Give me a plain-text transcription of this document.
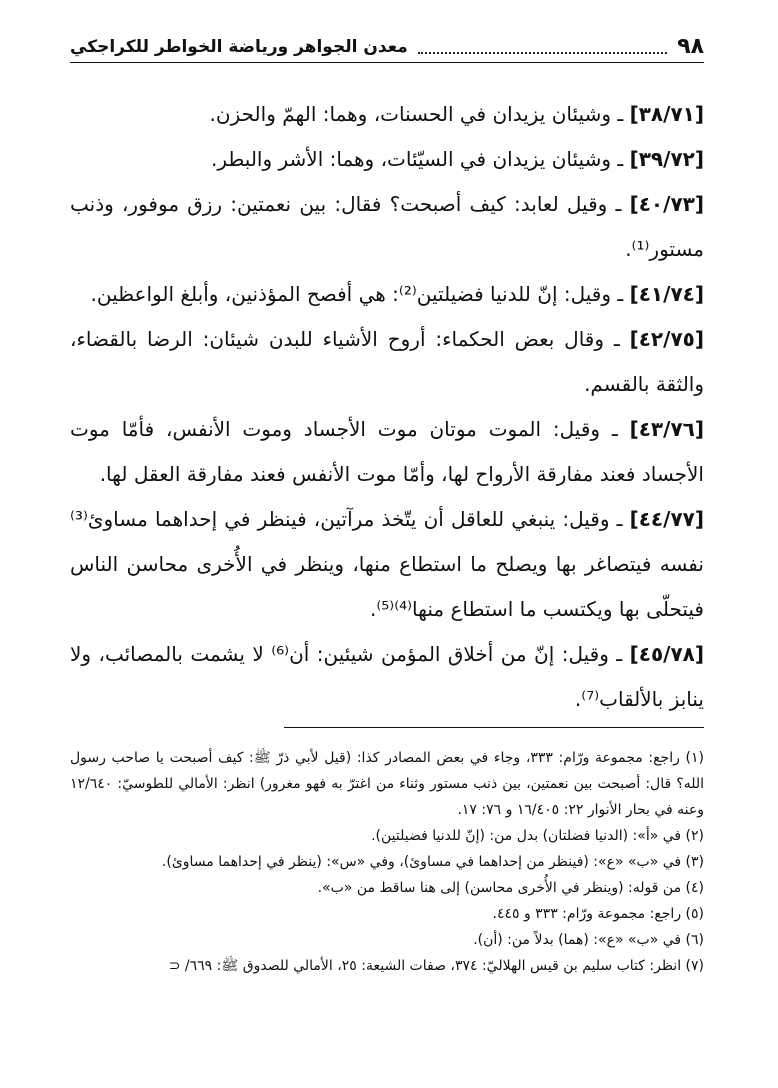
٩٨
معدن الجواهر ورياضة الخواطر للكراجكي

[٣٨/٧١] ـ وشيئان يزيدان في الحسنات، وهما: الهمّ والحزن.

[٣٩/٧٢] ـ وشيئان يزيدان في السيّئات، وهما: الأشر والبطر.

[٤٠/٧٣] ـ وقيل لعابد: كيف أصبحت؟ فقال: بين نعمتين: رزق موفور، وذنب مستور⁽¹⁾.

[٤١/٧٤] ـ وقيل: إنّ للدنيا فضيلتين⁽²⁾: هي أفصح المؤذنين، وأبلغ الواعظين.

[٤٢/٧٥] ـ وقال بعض الحكماء: أروح الأشياء للبدن شيئان: الرضا بالقضاء، والثقة بالقسم.

[٤٣/٧٦] ـ وقيل: الموت موتان موت الأجساد وموت الأنفس، فأمّا موت الأجساد فعند مفارقة الأرواح لها، وأمّا موت الأنفس فعند مفارقة العقل لها.

[٤٤/٧٧] ـ وقيل: ينبغي للعاقل أن يتّخذ مرآتين، فينظر في إحداهما مساوئ⁽³⁾ نفسه فيتصاغر بها ويصلح ما استطاع منها، وينظر في الأُخرى محاسن الناس فيتحلّى بها ويكتسب ما استطاع منها⁽⁴⁾⁽⁵⁾.

[٤٥/٧٨] ـ وقيل: إنّ من أخلاق المؤمن شيئين: أن⁽⁶⁾ لا يشمت بالمصائب، ولا ينابز بالألقاب⁽⁷⁾.

(١) راجع: مجموعة ورّام: ٣٣٣، وجاء في بعض المصادر كذا: (قيل لأبي ذرّ ﷺ: كيف أصبحت يا صاحب رسول الله؟ قال: أصبحت بين نعمتين، بين ذنب مستور وثناء من اغترّ به فهو مغرور) انظر: الأمالي للطوسيّ: ١٢/٦٤٠ وعنه في بحار الأنوار ٢٢: ١٦/٤٠٥ و ٧٦: ١٧.

(٢) في «أ»: (الدنيا فضلتان) بدل من: (إنّ للدنيا فضيلتين).

(٣) في «ب» «ع»: (فينظر من إحداهما في مساوئ)، وفي «س»: (ينظر في إحداهما مساوئ).

(٤) من قوله: (وينظر في الأُخرى محاسن) إلى هنا ساقط من «ب».

(٥) راجع: مجموعة ورّام: ٣٣٣ و ٤٤٥.

(٦) في «ب» «ع»: (هما) بدلاً من: (أن).

(٧) انظر: كتاب سليم بن قيس الهلاليّ: ٣٧٤، صفات الشيعة: ٢٥، الأمالي للصدوق ﷺ: ٦٦٩/ ⊂
